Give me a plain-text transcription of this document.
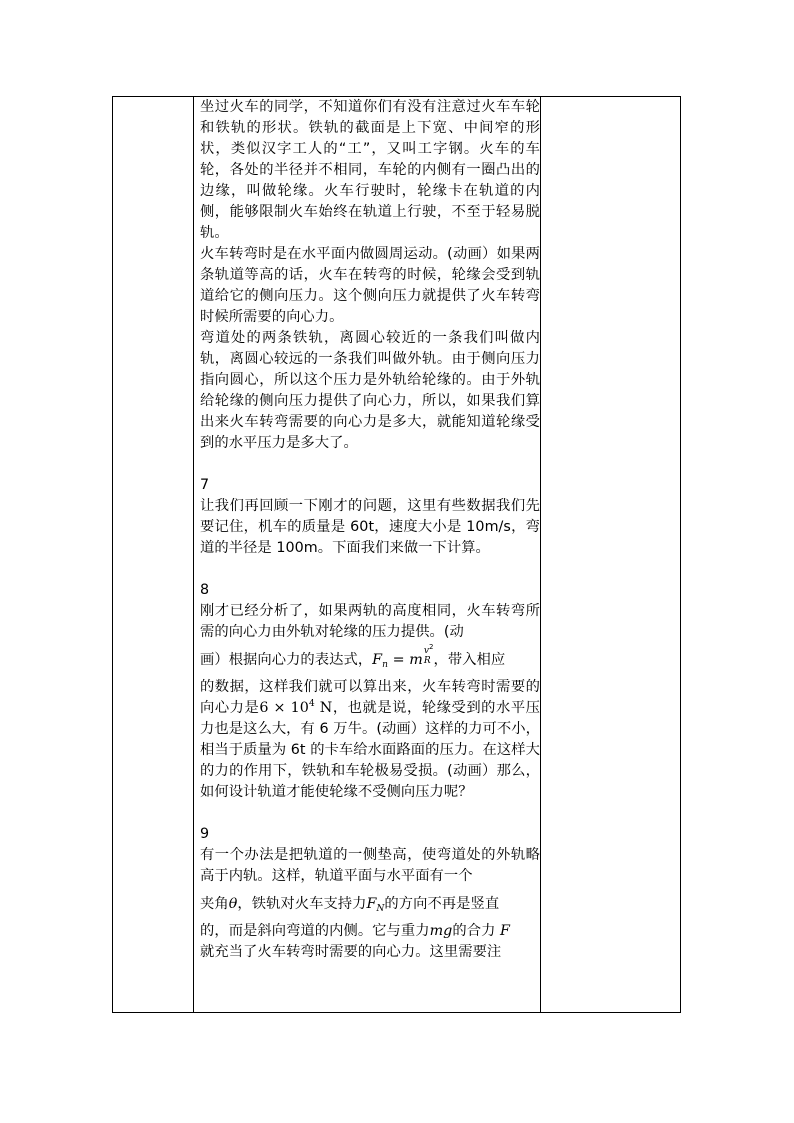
坐过火车的同学，不知道你们有没有注意过火车车轮和铁轨的形状。铁轨的截面是上下宽、中间窄的形状，类似汉字工人的“工”，又叫工字钢。火车的车轮，各处的半径并不相同，车轮的内侧有一圈凸出的边缘，叫做轮缘。火车行驶时，轮缘卡在轨道的内侧，能够限制火车始终在轨道上行驶，不至于轻易脱轨。

火车转弯时是在水平面内做圆周运动。(动画）如果两条轨道等高的话，火车在转弯的时候，轮缘会受到轨道给它的侧向压力。这个侧向压力就提供了火车转弯时候所需要的向心力。

弯道处的两条铁轨，离圆心较近的一条我们叫做内轨，离圆心较远的一条我们叫做外轨。由于侧向压力指向圆心，所以这个压力是外轨给轮缘的。由于外轨给轮缘的侧向压力提供了向心力，所以，如果我们算出来火车转弯需要的向心力是多大，就能知道轮缘受到的水平压力是多大了。

7

让我们再回顾一下刚才的问题，这里有些数据我们先要记住，机车的质量是 60t，速度大小是 10m/s，弯道的半径是 100m。下面我们来做一下计算。

8

刚才已经分析了，如果两轨的高度相同，火车转弯所需的向心力由外轨对轮缘的压力提供。(动

画）根据向心力的表达式，$F_n = m$
$v^2$
R ，带入相应

的数据，这样我们就可以算出来，火车转弯时需要的向心力是$6 \times 10^4$ N，也就是说，轮缘受到的水平压力也是这么大，有 6 万牛。(动画）这样的力可不小，相当于质量为 6t 的卡车给水面路面的压力。在这样大的力的作用下，铁轨和车轮极易受损。(动画）那么，如何设计轨道才能使轮缘不受侧向压力呢？

9

有一个办法是把轨道的一侧垫高，使弯道处的外轨略高于内轨。这样，轨道平面与水平面有一个

夹角θ，铁轨对火车支持力$F_N$的方向不再是竖直

的，而是斜向弯道的内侧。它与重力mg的合力 F
就充当了火车转弯时需要的向心力。这里需要注
